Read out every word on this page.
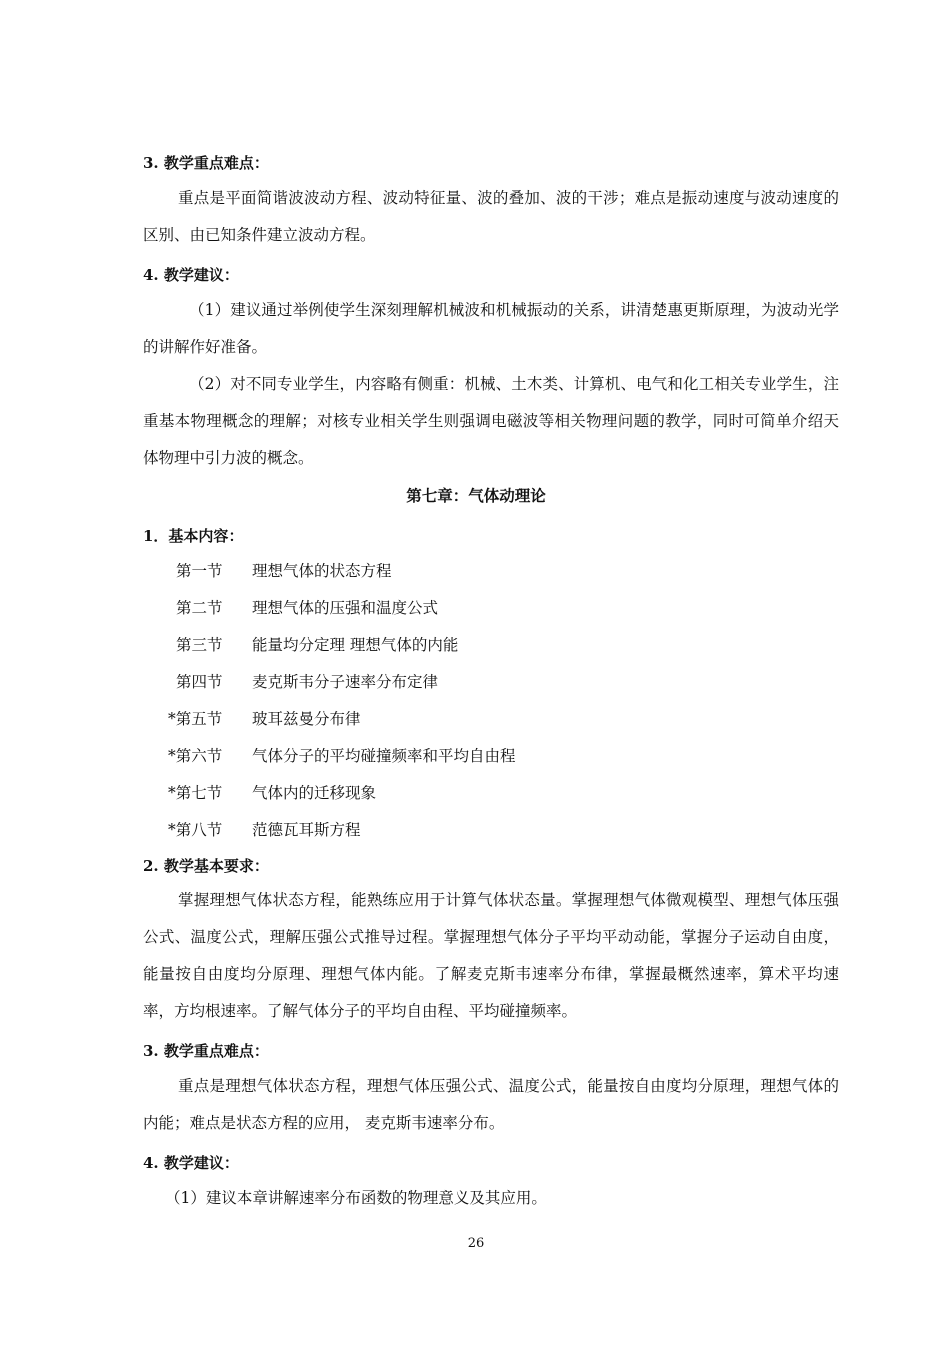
3. 教学重点难点：

重点是平面简谐波波动方程、波动特征量、波的叠加、波的干涉；难点是振动速度与波动速度的区别、由已知条件建立波动方程。

4. 教学建议：

（1）建议通过举例使学生深刻理解机械波和机械振动的关系，讲清楚惠更斯原理，为波动光学的讲解作好准备。

（2）对不同专业学生，内容略有侧重：机械、土木类、计算机、电气和化工相关专业学生，注重基本物理概念的理解；对核专业相关学生则强调电磁波等相关物理问题的教学，同时可简单介绍天体物理中引力波的概念。

第七章：气体动理论
1．基本内容：
第一节 理想气体的状态方程
第二节 理想气体的压强和温度公式
第三节 能量均分定理 理想气体的内能
第四节 麦克斯韦分子速率分布定律
*第五节 玻耳兹曼分布律
*第六节 气体分子的平均碰撞频率和平均自由程
*第七节 气体内的迁移现象
*第八节 范德瓦耳斯方程
2. 教学基本要求：

掌握理想气体状态方程，能熟练应用于计算气体状态量。掌握理想气体微观模型、理想气体压强公式、温度公式，理解压强公式推导过程。掌握理想气体分子平均平动动能，掌握分子运动自由度，能量按自由度均分原理、理想气体内能。了解麦克斯韦速率分布律，掌握最概然速率，算术平均速率，方均根速率。了解气体分子的平均自由程、平均碰撞频率。

3. 教学重点难点：

重点是理想气体状态方程，理想气体压强公式、温度公式，能量按自由度均分原理，理想气体的内能；难点是状态方程的应用， 麦克斯韦速率分布。

4. 教学建议：

（1）建议本章讲解速率分布函数的物理意义及其应用。

26
